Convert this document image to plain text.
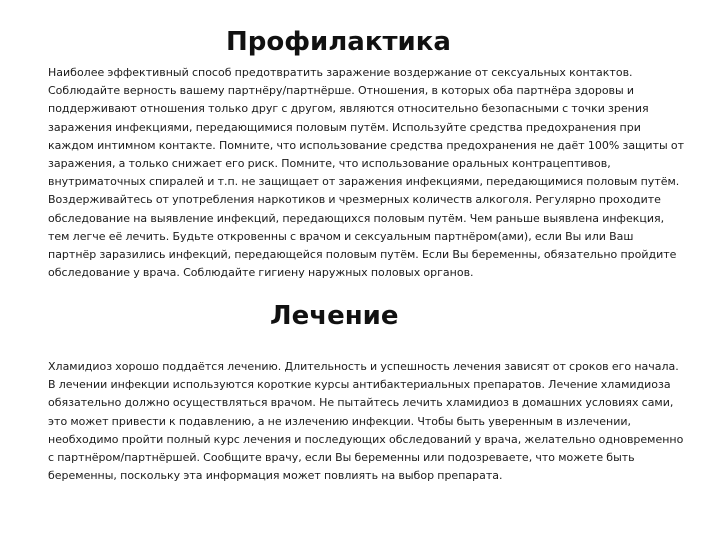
Профилактика

Наиболее эффективный способ предотвратить заражение воздержание от сексуальных контактов. Соблюдайте верность вашему партнёру/партнёрше. Отношения, в которых оба партнёра здоровы и поддерживают отношения только друг с другом, являются относительно безопасными с точки зрения заражения инфекциями, передающимися половым путём. Используйте средства предохранения при каждом интимном контакте. Помните, что использование средства предохранения не даёт 100% защиты от заражения, а только снижает его риск. Помните, что использование оральных контрацептивов, внутриматочных спиралей и т.п. не защищает от заражения инфекциями, передающимися половым путём. Воздерживайтесь от употребления наркотиков и чрезмерных количеств алкоголя. Регулярно проходите обследование на выявление инфекций, передающихся половым путём. Чем раньше выявлена инфекция, тем легче её лечить. Будьте откровенны с врачом и сексуальным партнёром(ами), если Вы или Ваш партнёр заразились инфекций, передающейся половым путём. Если Вы беременны, обязательно пройдите обследование у врача. Соблюдайте гигиену наружных половых органов.

Лечение

Хламидиоз хорошо поддаётся лечению. Длительность и успешность лечения зависят от сроков его начала. В лечении инфекции используются короткие курсы антибактериальных препаратов. Лечение хламидиоза обязательно должно осуществляться врачом. Не пытайтесь лечить хламидиоз в домашних условиях сами, это может привести к подавлению, а не излечению инфекции. Чтобы быть уверенным в излечении, необходимо пройти полный курс лечения и последующих обследований у врача, желательно одновременно с партнёром/партнёршей. Сообщите врачу, если Вы беременны или подозреваете, что можете быть беременны, поскольку эта информация может повлиять на выбор препарата.
